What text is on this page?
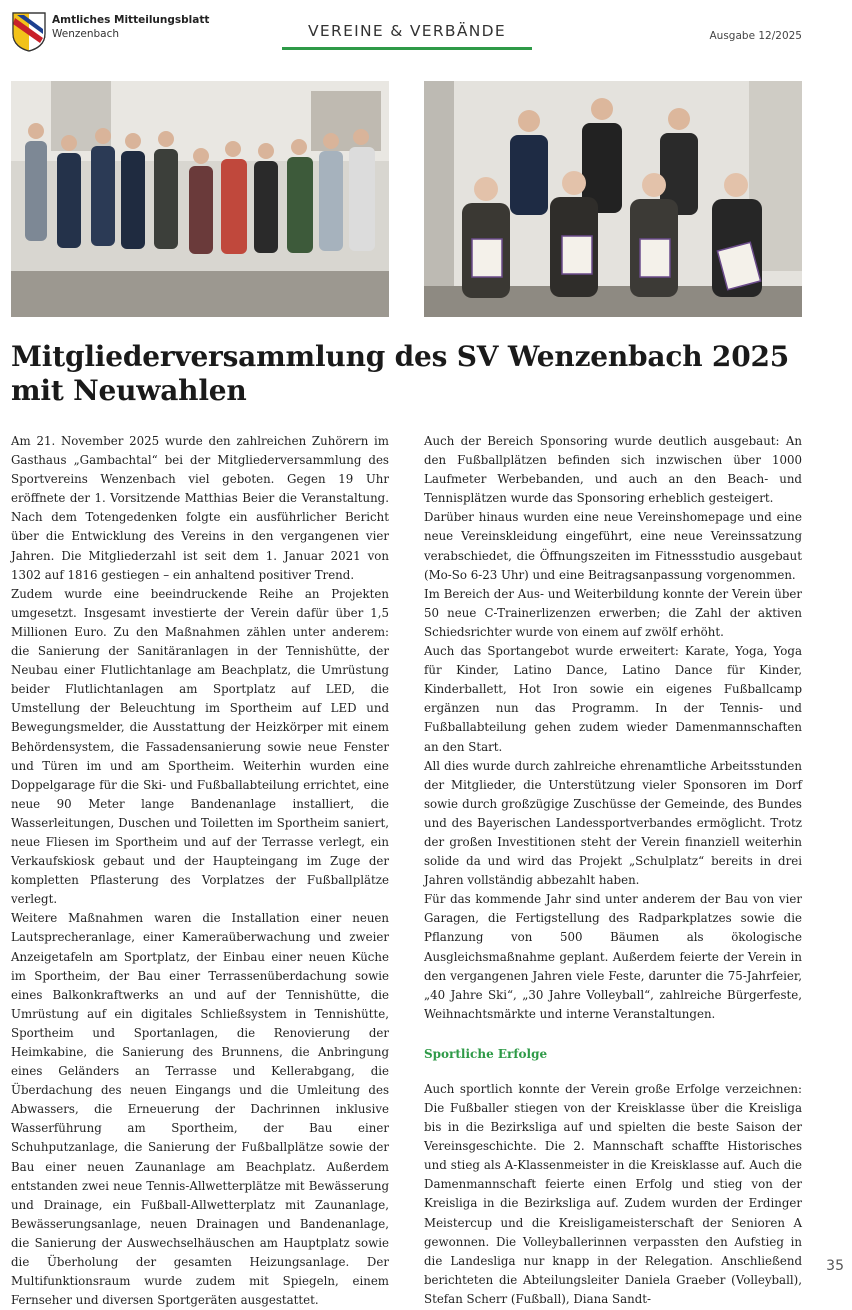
Amtliches Mitteilungsblatt

Wenzenbach	VEREINE & VERBÄNDE	Ausgabe 12/2025
Mitgliederversammlung des SV Wenzenbach 2025 mit Neuwahlen

Am 21. November 2025 wurde den zahlreichen Zuhörern im Gasthaus „Gambachtal“ bei der Mitgliederversammlung des Sportvereins Wenzenbach viel geboten. Gegen 19 Uhr eröffnete der 1. Vorsitzende Matthias Beier die Veranstaltung. Nach dem Totengedenken folgte ein ausführlicher Bericht über die Entwicklung des Vereins in den vergangenen vier Jahren. Die Mitgliederzahl ist seit dem 1. Januar 2021 von 1302 auf 1816 gestiegen – ein anhaltend positiver Trend.

Zudem wurde eine beeindruckende Reihe an Projekten umgesetzt. Insgesamt investierte der Verein dafür über 1,5 Millionen Euro. Zu den Maßnahmen zählen unter anderem: die Sanierung der Sanitäranlagen in der Tennishütte, der Neubau einer Flutlichtanlage am Beachplatz, die Umrüstung beider Flutlichtanlagen am Sportplatz auf LED, die Umstellung der Beleuchtung im Sportheim auf LED und Bewegungsmelder, die Ausstattung der Heizkörper mit einem Behördensystem, die Fassadensanierung sowie neue Fenster und Türen im und am Sportheim. Weiterhin wurden eine Doppelgarage für die Ski- und Fußballabteilung errichtet, eine neue 90 Meter lange Bandenanlage installiert, die Wasserleitungen, Duschen und Toiletten im Sportheim saniert, neue Fliesen im Sportheim und auf der Terrasse verlegt, ein Verkaufskiosk gebaut und der Haupteingang im Zuge der kompletten Pflasterung des Vorplatzes der Fußballplätze verlegt.

Weitere Maßnahmen waren die Installation einer neuen Lautsprecheranlage, einer Kameraüberwachung und zweier Anzeigetafeln am Sportplatz, der Einbau einer neuen Küche im Sportheim, der Bau einer Terrassenüberdachung sowie eines Balkonkraftwerks an und auf der Tennishütte, die Umrüstung auf ein digitales Schließsystem in Tennishütte, Sportheim und Sportanlagen, die Renovierung der Heimkabine, die Sanierung des Brunnens, die Anbringung eines Geländers an Terrasse und Kellerabgang, die Überdachung des neuen Eingangs und die Umleitung des Abwassers, die Erneuerung der Dachrinnen inklusive Wasserführung am Sportheim, der Bau einer Schuhputzanlage, die Sanierung der Fußballplätze sowie der Bau einer neuen Zaunanlage am Beachplatz. Außerdem entstanden zwei neue Tennis-Allwetterplätze mit Bewässerung und Drainage, ein Fußball-Allwetterplatz mit Zaunanlage, Bewässerungsanlage, neuen Drainagen und Bandenanlage, die Sanierung der Auswechselhäuschen am Hauptplatz sowie die Überholung der gesamten Heizungsanlage. Der Multifunktionsraum wurde zudem mit Spiegeln, einem Fernseher und diversen Sportgeräten ausgestattet.

Auch der Bereich Sponsoring wurde deutlich ausgebaut: An den Fußballplätzen befinden sich inzwischen über 1000 Laufmeter Werbebanden, und auch an den Beach- und Tennisplätzen wurde das Sponsoring erheblich gesteigert.

Darüber hinaus wurden eine neue Vereinshomepage und eine neue Vereinskleidung eingeführt, eine neue Vereinssatzung verabschiedet, die Öffnungszeiten im Fitnessstudio ausgebaut (Mo-So 6-23 Uhr) und eine Beitragsanpassung vorgenommen.

Im Bereich der Aus- und Weiterbildung konnte der Verein über 50 neue C-Trainerlizenzen erwerben; die Zahl der aktiven Schiedsrichter wurde von einem auf zwölf erhöht.

Auch das Sportangebot wurde erweitert: Karate, Yoga, Yoga für Kinder, Latino Dance, Latino Dance für Kinder, Kinderballett, Hot Iron sowie ein eigenes Fußballcamp ergänzen nun das Programm. In der Tennis- und Fußballabteilung gehen zudem wieder Damenmannschaften an den Start.

All dies wurde durch zahlreiche ehrenamtliche Arbeitsstunden der Mitglieder, die Unterstützung vieler Sponsoren im Dorf sowie durch großzügige Zuschüsse der Gemeinde, des Bundes und des Bayerischen Landessportverbandes ermöglicht. Trotz der großen Investitionen steht der Verein finanziell weiterhin solide da und wird das Projekt „Schulplatz“ bereits in drei Jahren vollständig abbezahlt haben.

Für das kommende Jahr sind unter anderem der Bau von vier Garagen, die Fertigstellung des Radparkplatzes sowie die Pflanzung von 500 Bäumen als ökologische Ausgleichsmaßnahme geplant. Außerdem feierte der Verein in den vergangenen Jahren viele Feste, darunter die 75-Jahrfeier, „40 Jahre Ski“, „30 Jahre Volleyball“, zahlreiche Bürgerfeste, Weihnachtsmärkte und interne Veranstaltungen.

Sportliche Erfolge

Auch sportlich konnte der Verein große Erfolge verzeichnen: Die Fußballer stiegen von der Kreisklasse über die Kreisliga bis in die Bezirksliga auf und spielten die beste Saison der Vereinsgeschichte. Die 2. Mannschaft schaffte Historisches und stieg als A-Klassenmeister in die Kreisklasse auf. Auch die Damenmannschaft feierte einen Erfolg und stieg von der Kreisliga in die Bezirksliga auf. Zudem wurden der Erdinger Meistercup und die Kreisligameisterschaft der Senioren A gewonnen. Die Volleyballerinnen verpassten den Aufstieg in die Landesliga nur knapp in der Relegation. Anschließend berichteten die Abteilungsleiter Daniela Graeber (Volleyball), Stefan Scherr (Fußball), Diana Sandt-

35
